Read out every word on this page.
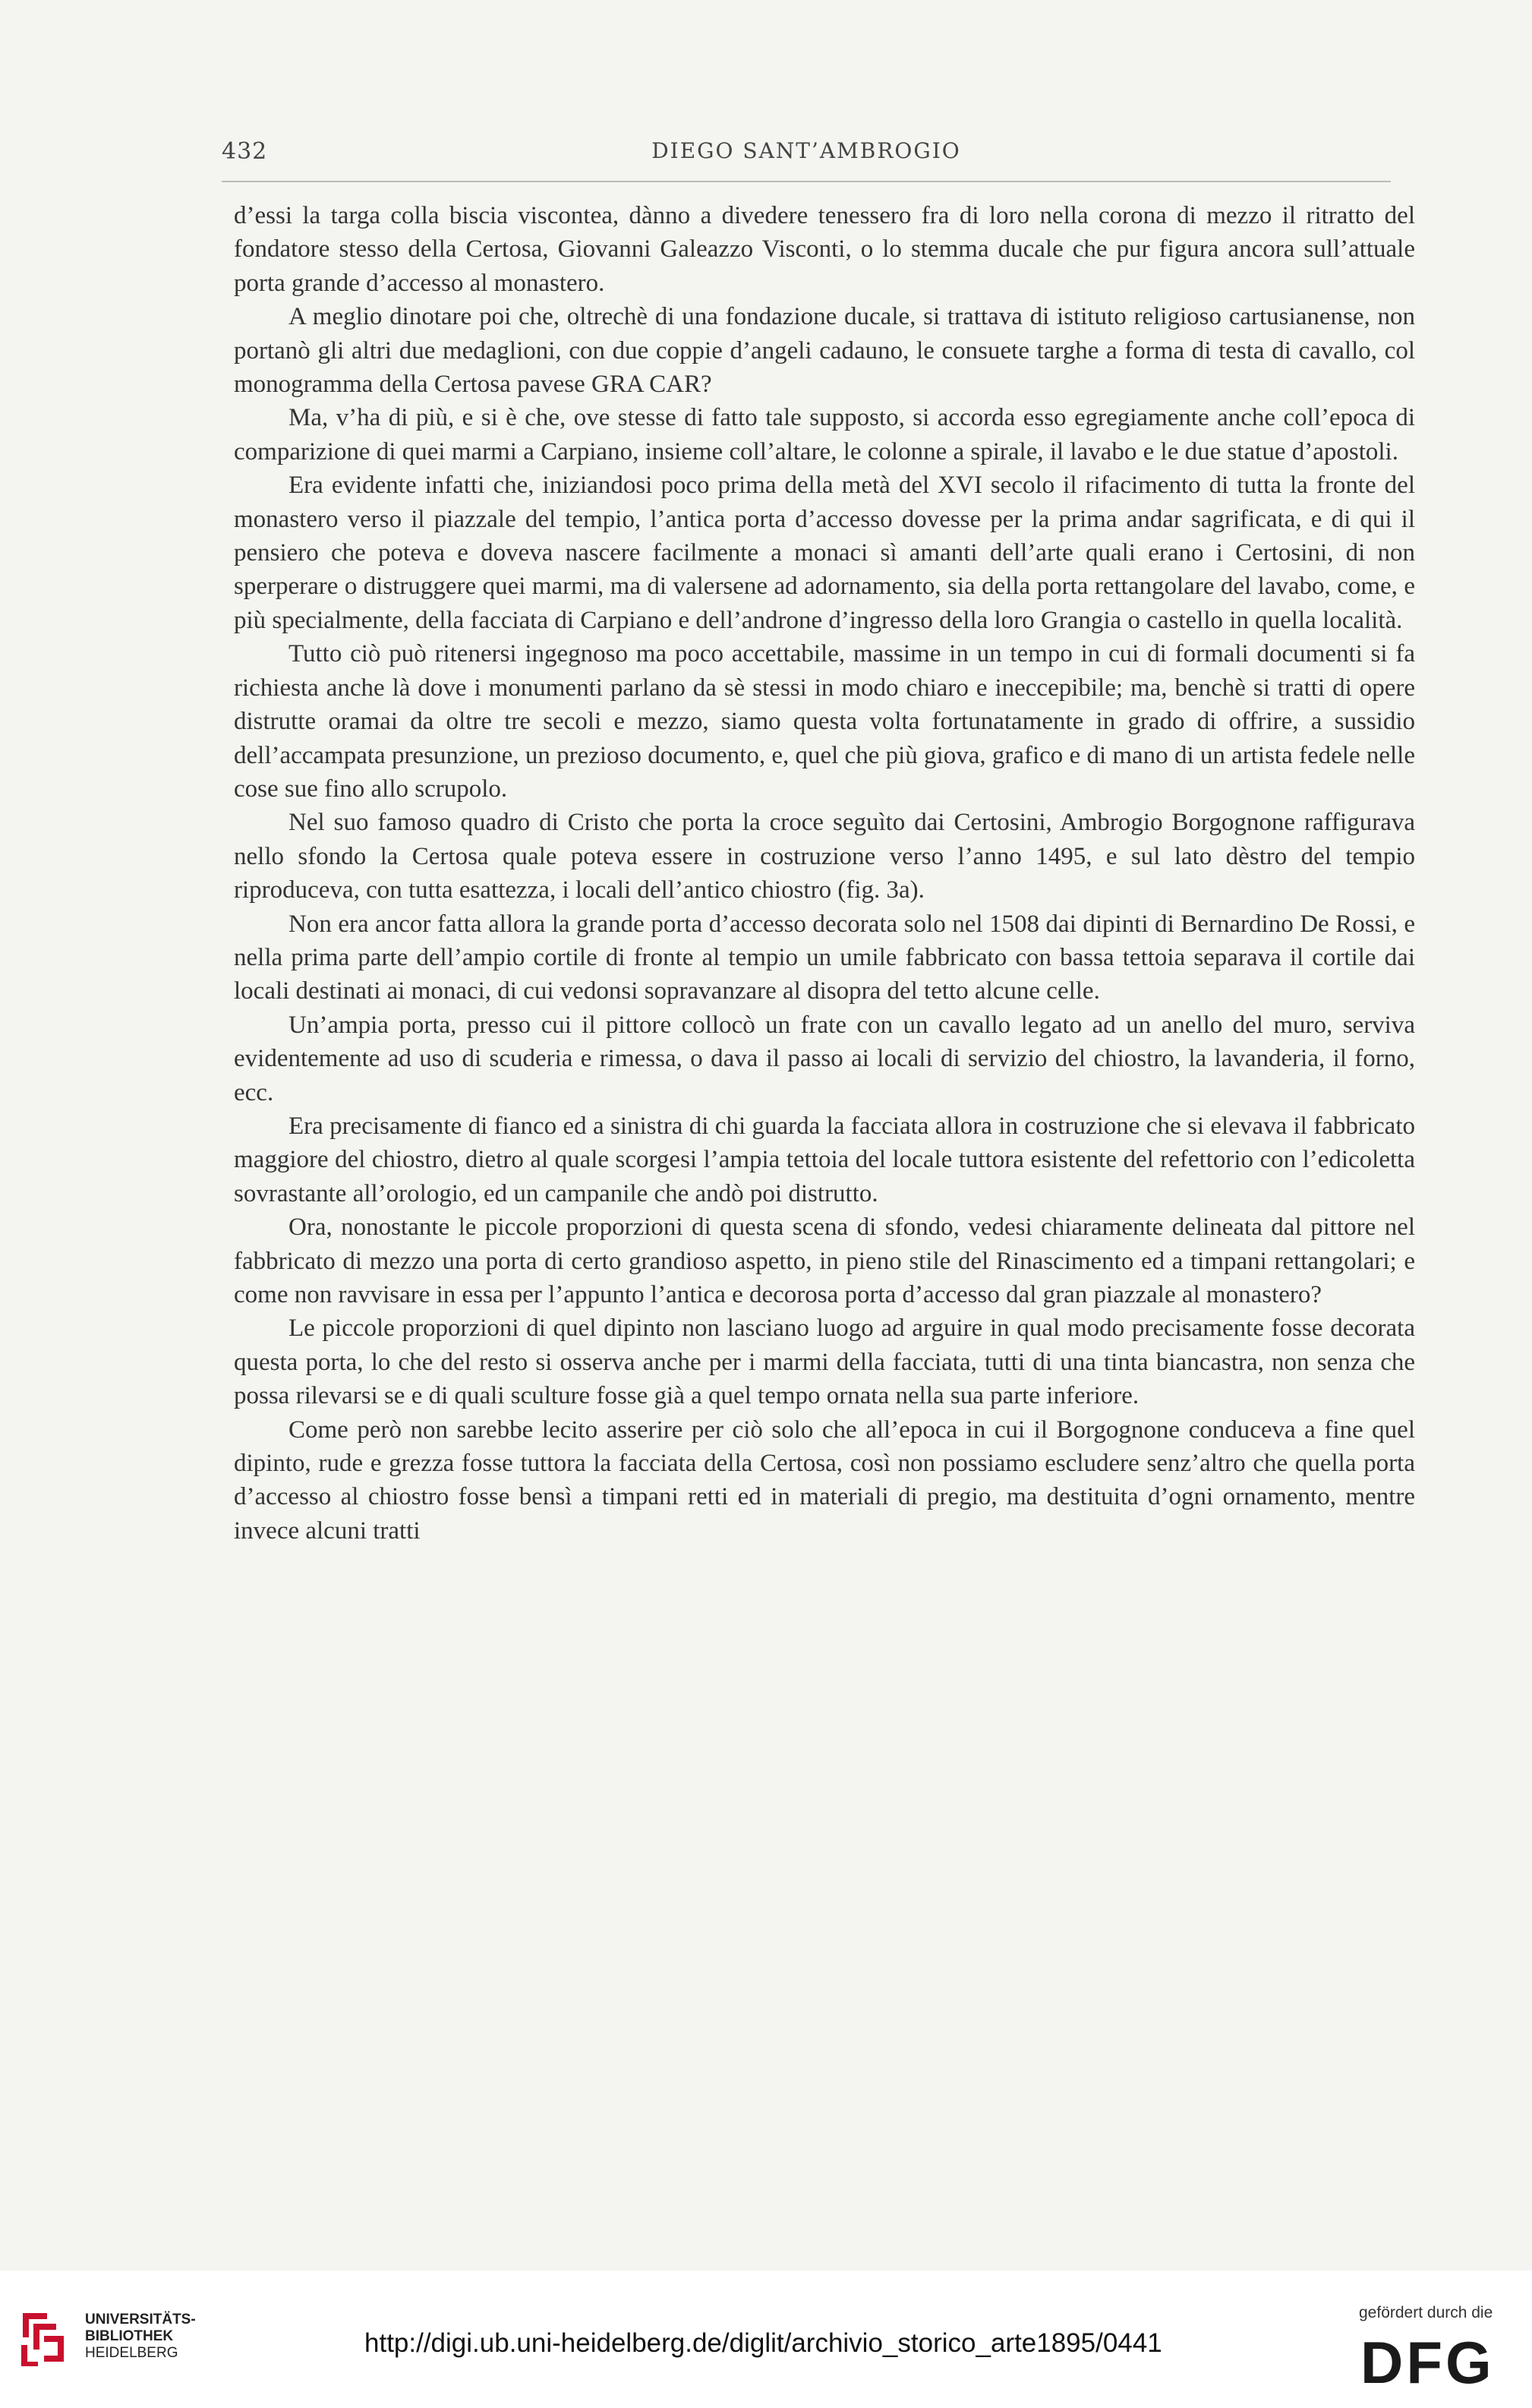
432	DIEGO SANT’AMBROGIO

d’essi la targa colla biscia viscontea, dànno a divedere tenessero fra di loro nella corona di mezzo il ritratto del fondatore stesso della Certosa, Giovanni Galeazzo Visconti, o lo stemma ducale che pur figura ancora sull’attuale porta grande d’accesso al monastero.

A meglio dinotare poi che, oltrechè di una fondazione ducale, si trattava di istituto religioso cartusianense, non portanò gli altri due medaglioni, con due coppie d’angeli cadauno, le consuete targhe a forma di testa di cavallo, col monogramma della Certosa pavese GRA CAR?

Ma, v’ha di più, e si è che, ove stesse di fatto tale supposto, si accorda esso egregiamente anche coll’epoca di comparizione di quei marmi a Carpiano, insieme coll’altare, le colonne a spirale, il lavabo e le due statue d’apostoli.

Era evidente infatti che, iniziandosi poco prima della metà del XVI secolo il rifacimento di tutta la fronte del monastero verso il piazzale del tempio, l’antica porta d’accesso dovesse per la prima andar sagrificata, e di qui il pensiero che poteva e doveva nascere facilmente a monaci sì amanti dell’arte quali erano i Certosini, di non sperperare o distruggere quei marmi, ma di valersene ad adornamento, sia della porta rettangolare del lavabo, come, e più specialmente, della facciata di Carpiano e dell’androne d’ingresso della loro Grangia o castello in quella località.

Tutto ciò può ritenersi ingegnoso ma poco accettabile, massime in un tempo in cui di formali documenti si fa richiesta anche là dove i monumenti parlano da sè stessi in modo chiaro e ineccepibile; ma, benchè si tratti di opere distrutte oramai da oltre tre secoli e mezzo, siamo questa volta fortunatamente in grado di offrire, a sussidio dell’accampata presunzione, un prezioso documento, e, quel che più giova, grafico e di mano di un artista fedele nelle cose sue fino allo scrupolo.

Nel suo famoso quadro di Cristo che porta la croce seguìto dai Certosini, Ambrogio Borgognone raffigurava nello sfondo la Certosa quale poteva essere in costruzione verso l’anno 1495, e sul lato dèstro del tempio riproduceva, con tutta esattezza, i locali dell’antico chiostro (fig. 3a).

Non era ancor fatta allora la grande porta d’accesso decorata solo nel 1508 dai dipinti di Bernardino De Rossi, e nella prima parte dell’ampio cortile di fronte al tempio un umile fabbricato con bassa tettoia separava il cortile dai locali destinati ai monaci, di cui vedonsi sopravanzare al disopra del tetto alcune celle.

Un’ampia porta, presso cui il pittore collocò un frate con un cavallo legato ad un anello del muro, serviva evidentemente ad uso di scuderia e rimessa, o dava il passo ai locali di servizio del chiostro, la lavanderia, il forno, ecc.

Era precisamente di fianco ed a sinistra di chi guarda la facciata allora in costruzione che si elevava il fabbricato maggiore del chiostro, dietro al quale scorgesi l’ampia tettoia del locale tuttora esistente del refettorio con l’edicoletta sovrastante all’orologio, ed un campanile che andò poi distrutto.

Ora, nonostante le piccole proporzioni di questa scena di sfondo, vedesi chiaramente delineata dal pittore nel fabbricato di mezzo una porta di certo grandioso aspetto, in pieno stile del Rinascimento ed a timpani rettangolari; e come non ravvisare in essa per l’appunto l’antica e decorosa porta d’accesso dal gran piazzale al monastero?

Le piccole proporzioni di quel dipinto non lasciano luogo ad arguire in qual modo precisamente fosse decorata questa porta, lo che del resto si osserva anche per i marmi della facciata, tutti di una tinta biancastra, non senza che possa rilevarsi se e di quali sculture fosse già a quel tempo ornata nella sua parte inferiore.

Come però non sarebbe lecito asserire per ciò solo che all’epoca in cui il Borgognone conduceva a fine quel dipinto, rude e grezza fosse tuttora la facciata della Certosa, così non possiamo escludere senz’altro che quella porta d’accesso al chiostro fosse bensì a timpani retti ed in materiali di pregio, ma destituita d’ogni ornamento, mentre invece alcuni tratti

UNIVERSITÄTS-
BIBLIOTHEK
HEIDELBERG	http://digi.ub.uni-heidelberg.de/diglit/archivio_storico_arte1895/0441
gefördert durch die
DFG
